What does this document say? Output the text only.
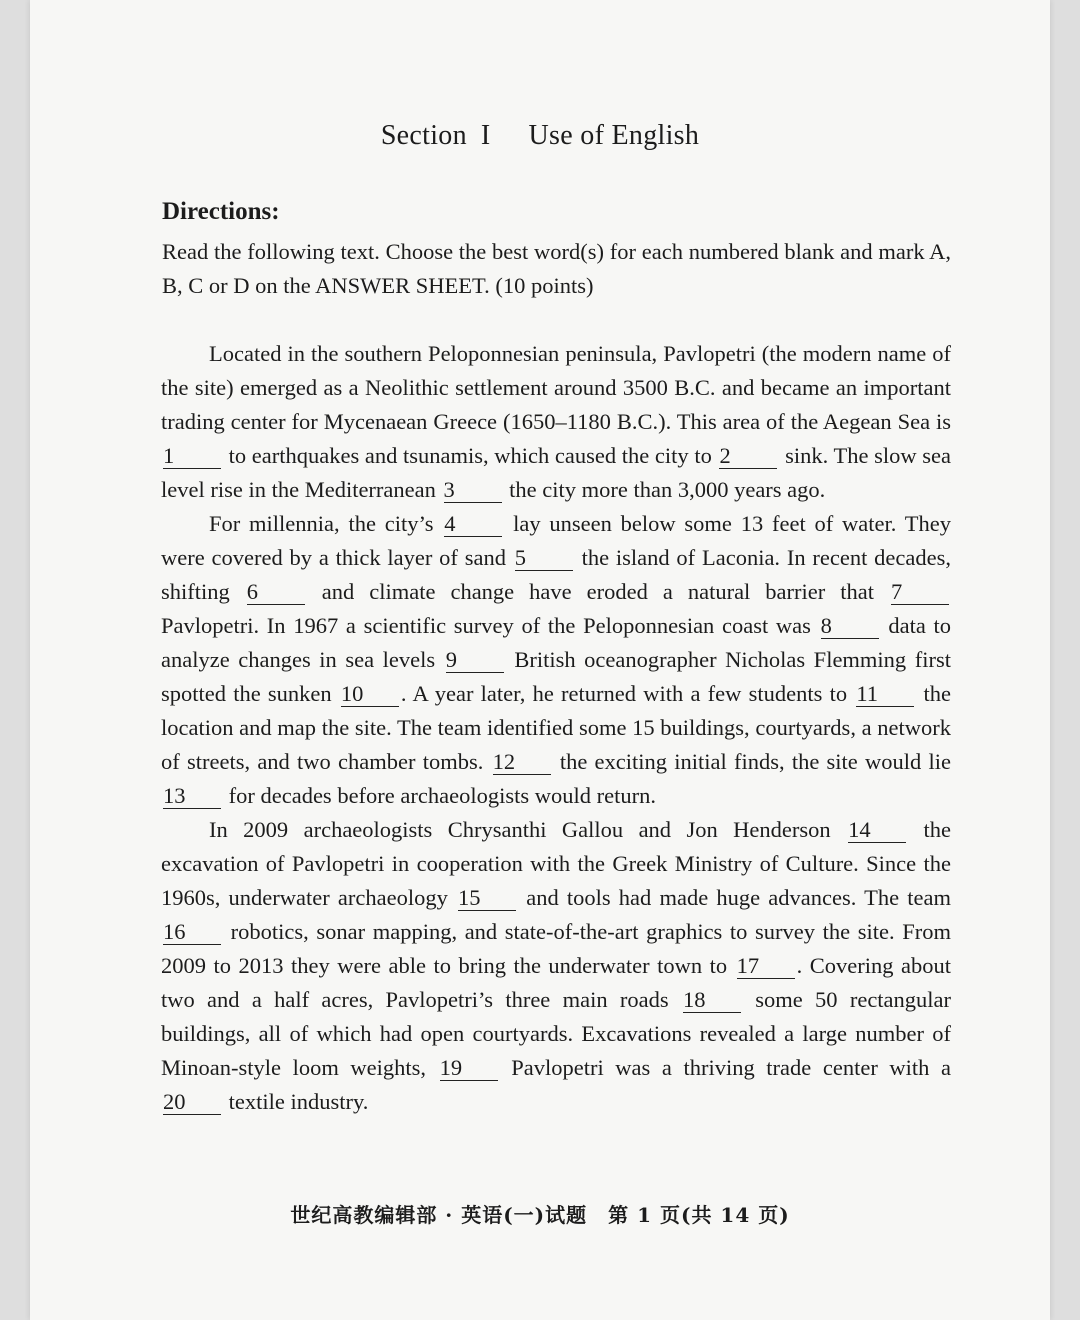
Section I Use of English
Directions:
Read the following text. Choose the best word(s) for each numbered blank and mark A, B, C or D on the ANSWER SHEET. (10 points)

Located in the southern Peloponnesian peninsula, Pavlopetri (the modern name of the site) emerged as a Neolithic settlement around 3500 B.C. and became an important trading center for Mycenaean Greece (1650–1180 B.C.). This area of the Aegean Sea is 1 to earthquakes and tsunamis, which caused the city to 2 sink. The slow sea level rise in the Mediterranean 3 the city more than 3,000 years ago.

For millennia, the city’s 4	lay unseen below some 13 feet of water. They were covered by a thick layer of sand 5 the island of Laconia. In recent decades, shifting 6	and climate change have eroded a natural barrier that 7 Pavlopetri. In 1967 a scientific survey of the Peloponnesian coast was 8	data to analyze changes in sea levels 9	British oceanographer Nicholas Flemming first spotted the sunken 10 . A year later, he returned with a few students to 11 the location and map the site. The team identified some 15 buildings, courtyards, a network of streets, and two chamber tombs. 12 the exciting initial finds, the site would lie 13 for decades before archaeologists would return.

In 2009 archaeologists Chrysanthi Gallou and Jon Henderson 14 the excavation of Pavlopetri in cooperation with the Greek Ministry of Culture. Since the 1960s, underwater archaeology 15 and tools had made huge advances. The team 16 robotics, sonar mapping, and state-of-the-art graphics to survey the site. From 2009 to 2013 they were able to bring the underwater town to 17 . Covering about two and a half acres, Pavlopetri’s three main roads 18 some 50 rectangular buildings, all of which had open courtyards. Excavations revealed a large number of Minoan-style loom weights, 19 Pavlopetri was a thriving trade center with a 20 textile industry.

世纪高教编辑部 · 英语(一)试题　第 1 页(共 14 页)
